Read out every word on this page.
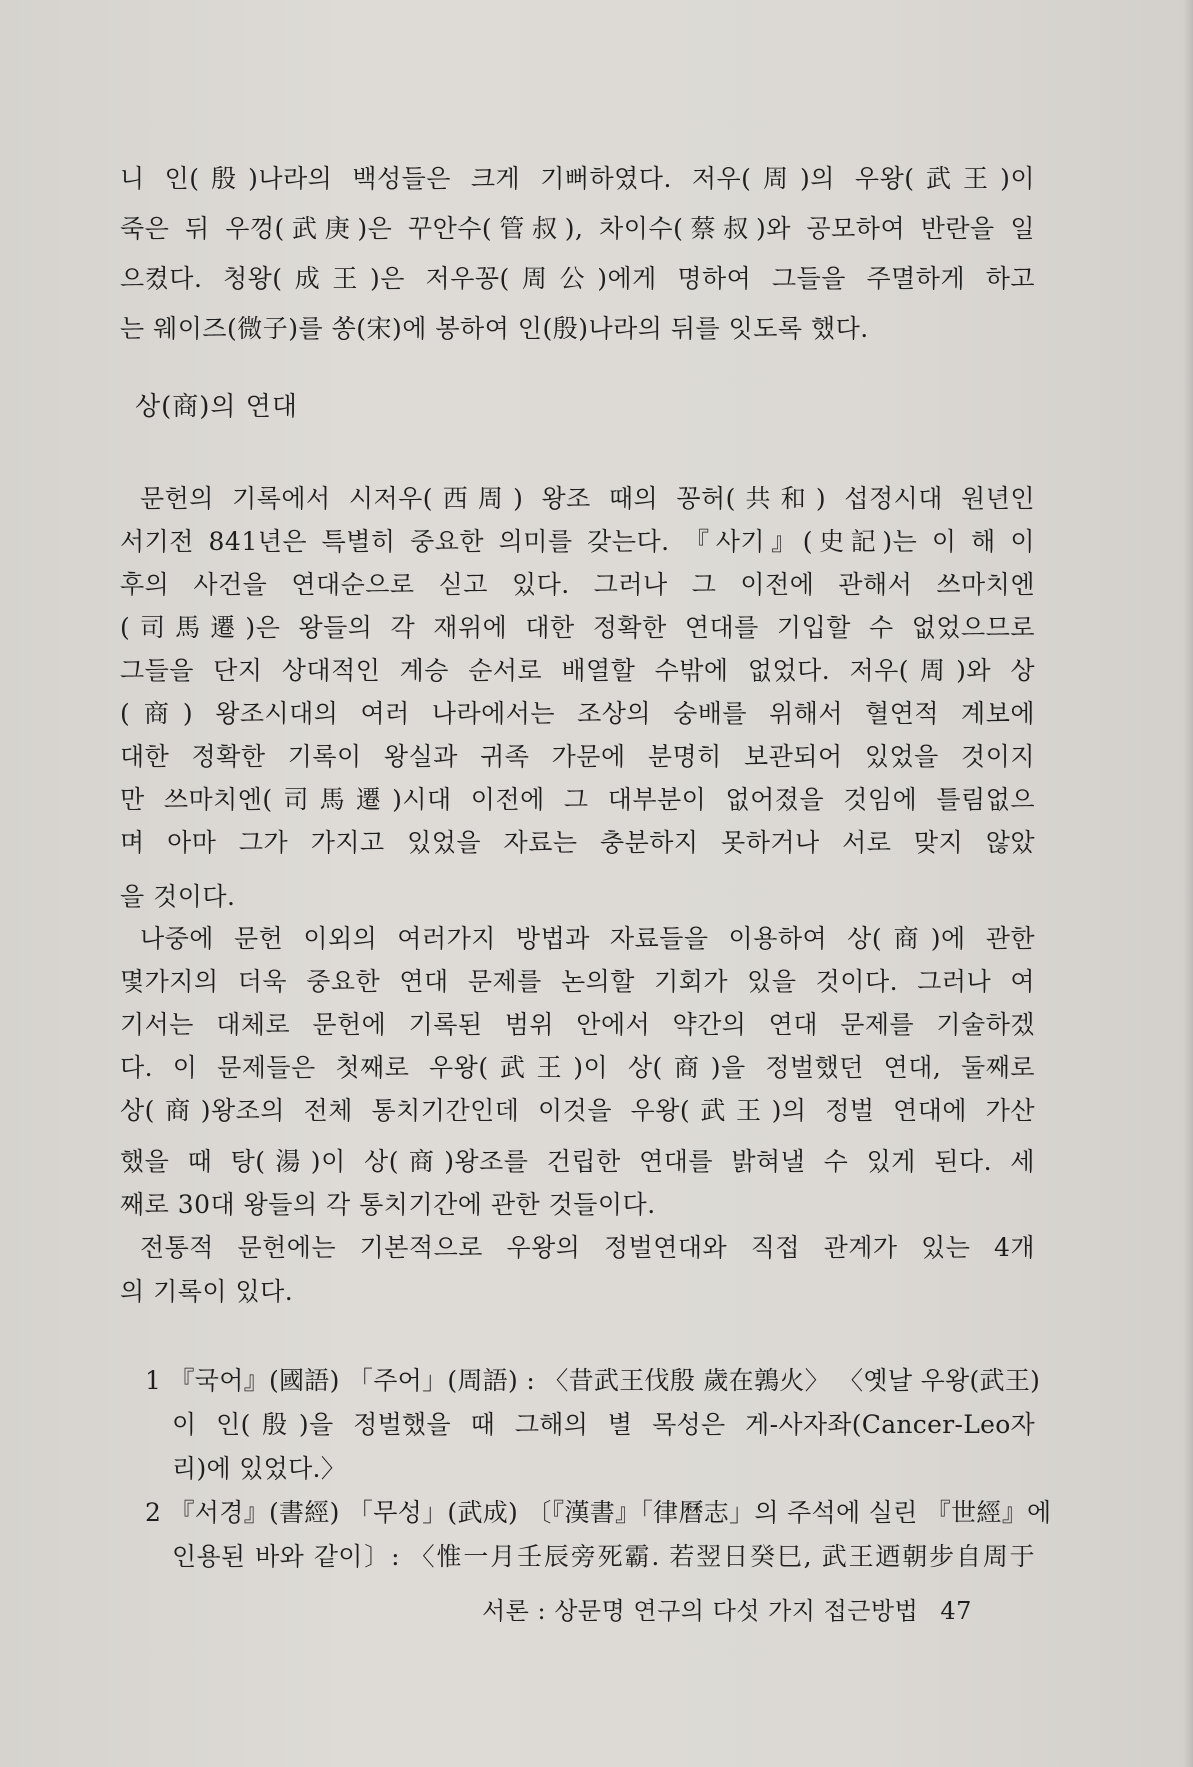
니 인(殷)나라의 백성들은 크게 기뻐하였다. 저우(周)의 우왕(武王)이
죽은 뒤 우껑(武庚)은 꾸안수(管叔), 차이수(蔡叔)와 공모하여 반란을 일
으켰다. 청왕(成王)은 저우꽁(周公)에게 명하여 그들을 주멸하게 하고
는 웨이즈(微子)를 쏭(宋)에 봉하여 인(殷)나라의 뒤를 잇도록 했다.
상(商)의 연대
문헌의 기록에서 시저우(西周) 왕조 때의 꽁허(共和) 섭정시대 원년인
서기전 841년은 특별히 중요한 의미를 갖는다. 『사기』(史記)는 이 해 이
후의 사건을 연대순으로 싣고 있다. 그러나 그 이전에 관해서 쓰마치엔
(司馬遷)은 왕들의 각 재위에 대한 정확한 연대를 기입할 수 없었으므로
그들을 단지 상대적인 계승 순서로 배열할 수밖에 없었다. 저우(周)와 상
(商) 왕조시대의 여러 나라에서는 조상의 숭배를 위해서 혈연적 계보에
대한 정확한 기록이 왕실과 귀족 가문에 분명히 보관되어 있었을 것이지
만 쓰마치엔(司馬遷)시대 이전에 그 대부분이 없어졌을 것임에 틀림없으
며 아마 그가 가지고 있었을 자료는 충분하지 못하거나 서로 맞지 않았
을 것이다.
나중에 문헌 이외의 여러가지 방법과 자료들을 이용하여 상(商)에 관한
몇가지의 더욱 중요한 연대 문제를 논의할 기회가 있을 것이다. 그러나 여
기서는 대체로 문헌에 기록된 범위 안에서 약간의 연대 문제를 기술하겠
다. 이 문제들은 첫째로 우왕(武王)이 상(商)을 정벌했던 연대, 둘째로
상(商)왕조의 전체 통치기간인데 이것을 우왕(武王)의 정벌 연대에 가산
했을 때 탕(湯)이 상(商)왕조를 건립한 연대를 밝혀낼 수 있게 된다. 세
째로 30대 왕들의 각 통치기간에 관한 것들이다.
전통적 문헌에는 기본적으로 우왕의 정벌연대와 직접 관계가 있는 4개
의 기록이 있다.
1 『국어』(國語) 「주어」(周語) : 〈昔武王伐殷 歲在鶉火〉 〈옛날 우왕(武王)
이 인(殷)을 정벌했을 때 그해의 별 목성은 게-사자좌(Cancer-Leo자
리)에 있었다.〉
2 『서경』(書經) 「무성」(武成) 〔『漢書』「律曆志」의 주석에 실린 『世經』에
인용된 바와 같이〕: 〈惟一月壬辰旁死霸. 若翌日癸巳, 武王迺朝步自周于
서론 : 상문명 연구의 다섯 가지 접근방법 47
